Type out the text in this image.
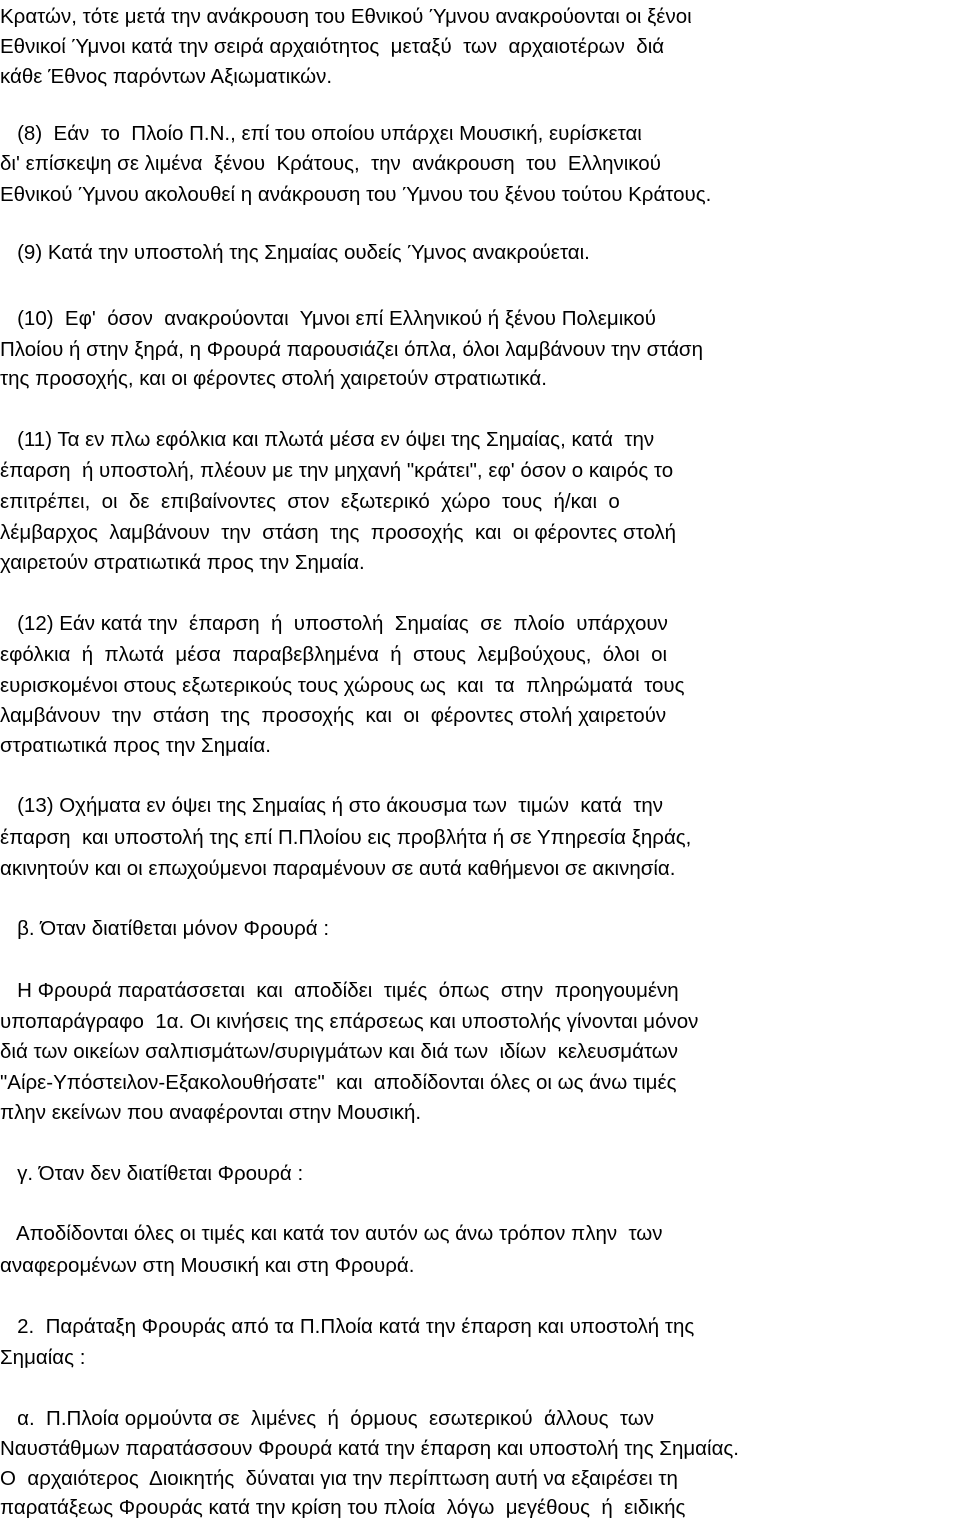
Κρατών, τότε μετά την ανάκρουση του Εθνικού Ύμνου ανακρούονται οι ξένοι
Εθνικοί Ύμνοι κατά την σειρά αρχαιότητος  μεταξύ  των  αρχαιοτέρων  διά
κάθε Έθνος παρόντων Αξιωματικών.
(8)  Εάν  το  Πλοίο Π.Ν., επί του οποίου υπάρχει Μουσική, ευρίσκεται
δι' επίσκεψη σε λιμένα  ξένου  Κράτους,  την  ανάκρουση  του  Ελληνικού
Εθνικού Ύμνου ακολουθεί η ανάκρουση του Ύμνου του ξένου τούτου Κράτους.
(9) Κατά την υποστολή της Σημαίας ουδείς Ύμνος ανακρούεται.
(10)  Εφ'  όσον  ανακρούονται  Υμνοι επί Ελληνικού ή ξένου Πολεμικού
Πλοίου ή στην ξηρά, η Φρουρά παρουσιάζει όπλα, όλοι λαμβάνουν την στάση
της προσοχής, και οι φέροντες στολή χαιρετούν στρατιωτικά.
(11) Τα εν πλω εφόλκια και πλωτά μέσα εν όψει της Σημαίας, κατά  την
έπαρση  ή υποστολή, πλέουν με την μηχανή "κράτει", εφ' όσον ο καιρός το
επιτρέπει,  οι  δε  επιβαίνοντες  στον  εξωτερικό  χώρο  τους  ή/και  ο
λέμβαρχος  λαμβάνουν  την  στάση  της  προσοχής  και  οι φέροντες στολή
χαιρετούν στρατιωτικά προς την Σημαία.
(12) Εάν κατά την  έπαρση  ή  υποστολή  Σημαίας  σε  πλοίο  υπάρχουν
εφόλκια  ή  πλωτά  μέσα  παραβεβλημένα  ή  στους  λεμβούχους,  όλοι  οι
ευρισκομένοι στους εξωτερικούς τους χώρους ως  και  τα  πληρώματά  τους
λαμβάνουν  την  στάση  της  προσοχής  και  οι  φέροντες στολή χαιρετούν
στρατιωτικά προς την Σημαία.
(13) Οχήματα εν όψει της Σημαίας ή στο άκουσμα των  τιμών  κατά  την
έπαρση  και υποστολή της επί Π.Πλοίου εις προβλήτα ή σε Υπηρεσία ξηράς,
ακινητούν και οι επωχούμενοι παραμένουν σε αυτά καθήμενοι σε ακινησία.
β. Όταν διατίθεται μόνον Φρουρά :
Η Φρουρά παρατάσσεται  και  αποδίδει  τιμές  όπως  στην  προηγουμένη
υποπαράγραφο  1α. Οι κινήσεις της επάρσεως και υποστολής γίνονται μόνον
διά των οικείων σαλπισμάτων/συριγμάτων και διά των  ιδίων  κελευσμάτων
"Αίρε-Υπόστειλον-Εξακολουθήσατε"  και  αποδίδονται όλες οι ως άνω τιμές
πλην εκείνων που αναφέρονται στην Μουσική.
γ. Όταν δεν διατίθεται Φρουρά :
Αποδίδονται όλες οι τιμές και κατά τον αυτόν ως άνω τρόπον πλην  των
αναφερομένων στη Μουσική και στη Φρουρά.
2.  Παράταξη Φρουράς από τα Π.Πλοία κατά την έπαρση και υποστολή της
Σημαίας :
α.  Π.Πλοία ορμούντα σε  λιμένες  ή  όρμους  εσωτερικού  άλλους  των
Ναυστάθμων παρατάσσουν Φρουρά κατά την έπαρση και υποστολή της Σημαίας.
Ο  αρχαιότερος  Διοικητής  δύναται για την περίπτωση αυτή να εξαιρέσει τη
παρατάξεως Φρουράς κατά την κρίση του πλοία  λόγω  μεγέθους  ή  ειδικής
